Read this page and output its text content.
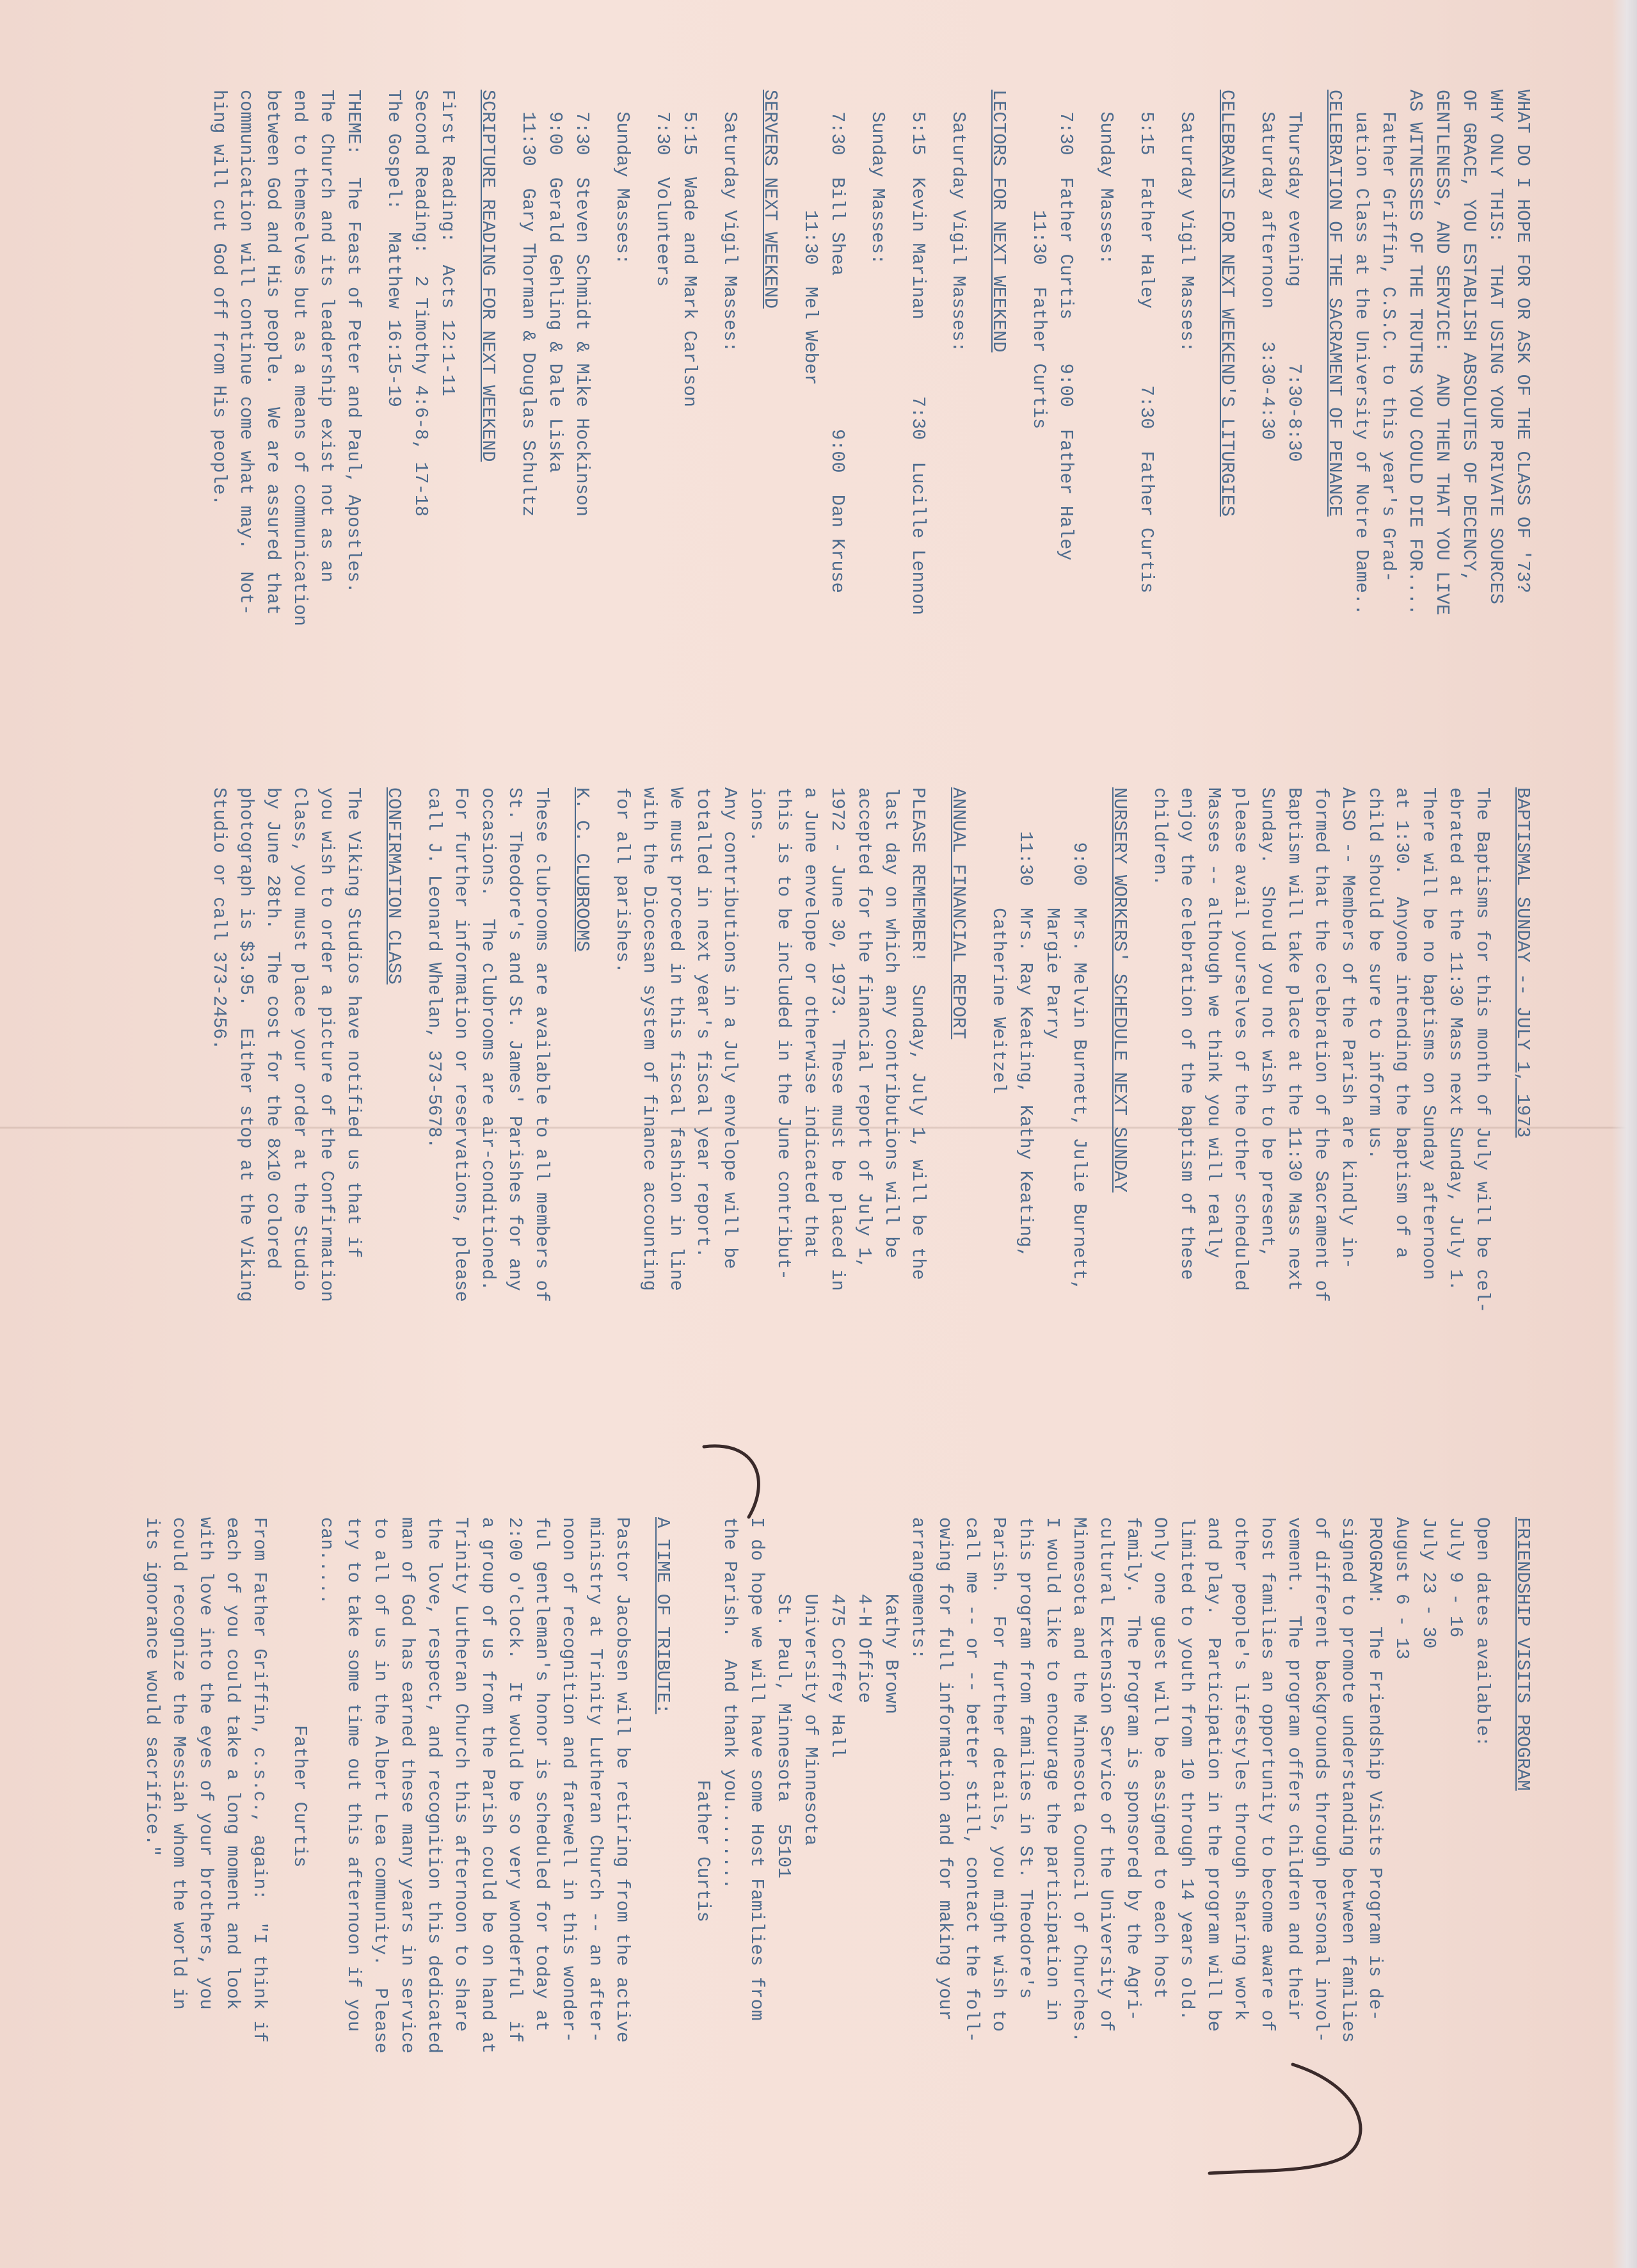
WHAT DO I HOPE FOR OR ASK OF THE CLASS OF '73?
WHY ONLY THIS:  THAT USING YOUR PRIVATE SOURCES
OF GRACE, YOU ESTABLISH ABSOLUTES OF DECENCY,
GENTLENESS, AND SERVICE:  AND THEN THAT YOU LIVE
AS WITNESSES OF THE TRUTHS YOU COULD DIE FOR....
Father Griffin, C.S.C. to this year's Grad-
uation Class at the University of Notre Dame..
CELEBRATION OF THE SACRAMENT OF PENANCE
Thursday evening       7:30-8:30
Saturday afternoon   3:30-4:30
CELEBRANTS FOR NEXT WEEKEND'S LITURGIES
Saturday Vigil Masses:
5:15  Father Haley       7:30  Father Curtis
Sunday Masses:
7:30  Father Curtis    9:00  Father Haley
11:30  Father Curtis
LECTORS FOR NEXT WEEKEND
Saturday Vigil Masses:
5:15  Kevin Marinan       7:30  Lucille Lennon
Sunday Masses:
7:30  Bill Shea              9:00  Dan Kruse
11:30  Mel Weber
SERVERS NEXT WEEKEND
Saturday Vigil Masses:
5:15  Wade and Mark Carlson
7:30  Volunteers
Sunday Masses:
7:30  Steven Schmidt & Mike Hockinson
9:00  Gerald Gehling & Dale Liska
11:30  Gary Thorman & Douglas Schultz
SCRIPTURE READING FOR NEXT WEEKEND
First Reading:  Acts 12:1-11
Second Reading:  2 Timothy 4:6-8, 17-18
The Gospel:  Matthew 16:15-19
THEME:  The Feast of Peter and Paul, Apostles.
The Church and its leadership exist not as an
end to themselves but as a means of communication
between God and His people.  We are assured that
communication will continue come what may.  Not-
hing will cut God off from His people.
BAPTISMAL SUNDAY -- JULY 1, 1973
The Baptisms for this month of July will be cel-
ebrated at the 11:30 Mass next Sunday, July 1.
There will be no baptisms on Sunday afternoon
at 1:30.  Anyone intending the baptism of a
child should be sure to inform us.
ALSO -- Members of the Parish are kindly in-
formed that the celebration of the Sacrament of
Baptism will take place at the 11:30 Mass next
Sunday.  Should you not wish to be present,
please avail yourselves of the other scheduled
Masses -- although we think you will really
enjoy the celebration of the baptism of these
children.
NURSERY WORKERS' SCHEDULE NEXT SUNDAY
9:00  Mrs. Melvin Burnett, Julie Burnett,
Margie Parry
11:30  Mrs. Ray Keating, Kathy Keating,
Catherine Weitzel
ANNUAL FINANCIAL REPORT
PLEASE REMEMBER!  Sunday, July 1, will be the
last day on which any contributions will be
accepted for the financial report of July 1,
1972 - June 30, 1973.  These must be placed in
a June envelope or otherwise indicated that
this is to be included in the June contribut-
ions.
Any contributions in a July envelope will be
totalled in next year's fiscal year report.
We must proceed in this fiscal fashion in line
with the Diocesan system of finance accounting
for all parishes.
K. C. CLUBROOMS
These clubrooms are available to all members of
St. Theodore's and St. James' Parishes for any
occasions.  The clubrooms are air-conditioned.
For further information or reservations, please
call J. Leonard Whelan, 373-5678.
CONFIRMATION CLASS
The Viking Studios have notified us that if
you wish to order a picture of the Confirmation
Class, you must place your order at the Studio
by June 28th.  The cost for the 8x10 colored
photograph is $3.95.  Either stop at the Viking
Studio or call 373-2456.
FRIENDSHIP VISITS PROGRAM
Open dates available:
July 9 - 16
July 23 - 30
August 6 - 13
PROGRAM:  The Friendship Visits Program is de-
signed to promote understanding between families
of different backgrounds through personal invol-
vement.  The program offers children and their
host families an opportunity to become aware of
other people's lifestyles through sharing work
and play.  Participation in the program will be
limited to youth from 10 through 14 years old.
Only one guest will be assigned to each host
family.  The Program is sponsored by the Agri-
cultural Extension Service of the University of
Minnesota and the Minnesota Council of Churches.
I would like to encourage the participation in
this program from families in St. Theodore's
Parish.  For further details, you might wish to
call me -- or -- better still, contact the foll-
owing for full information and for making your
arrangements:
Kathy Brown
4-H Office
475 Coffey Hall
University of Minnesota
St. Paul, Minnesota  55101
I do hope we will have some Host Families from
the Parish.  And thank you........
Father Curtis
A TIME OF TRIBUTE:
Pastor Jacobsen will be retiring from the active
ministry at Trinity Lutheran Church -- an after-
noon of recognition and farewell in this wonder-
ful gentleman's honor is scheduled for today at
2:00 o'clock.  It would be so very wonderful  if
a group of us from the Parish could be on hand at
Trinity Lutheran Church this afternoon to share
the love, respect, and recognition this dedicated
man of God has earned these many years in service
to all of us in the Albert Lea community.  Please
try to take some time out this afternoon if you
can.....
Father Curtis
From Father Griffin, c.s.c., again:  "I think if
each of you could take a long moment and look
with love into the eyes of your brothers, you
could recognize the Messiah whom the world in
its ignorance would sacrifice."
